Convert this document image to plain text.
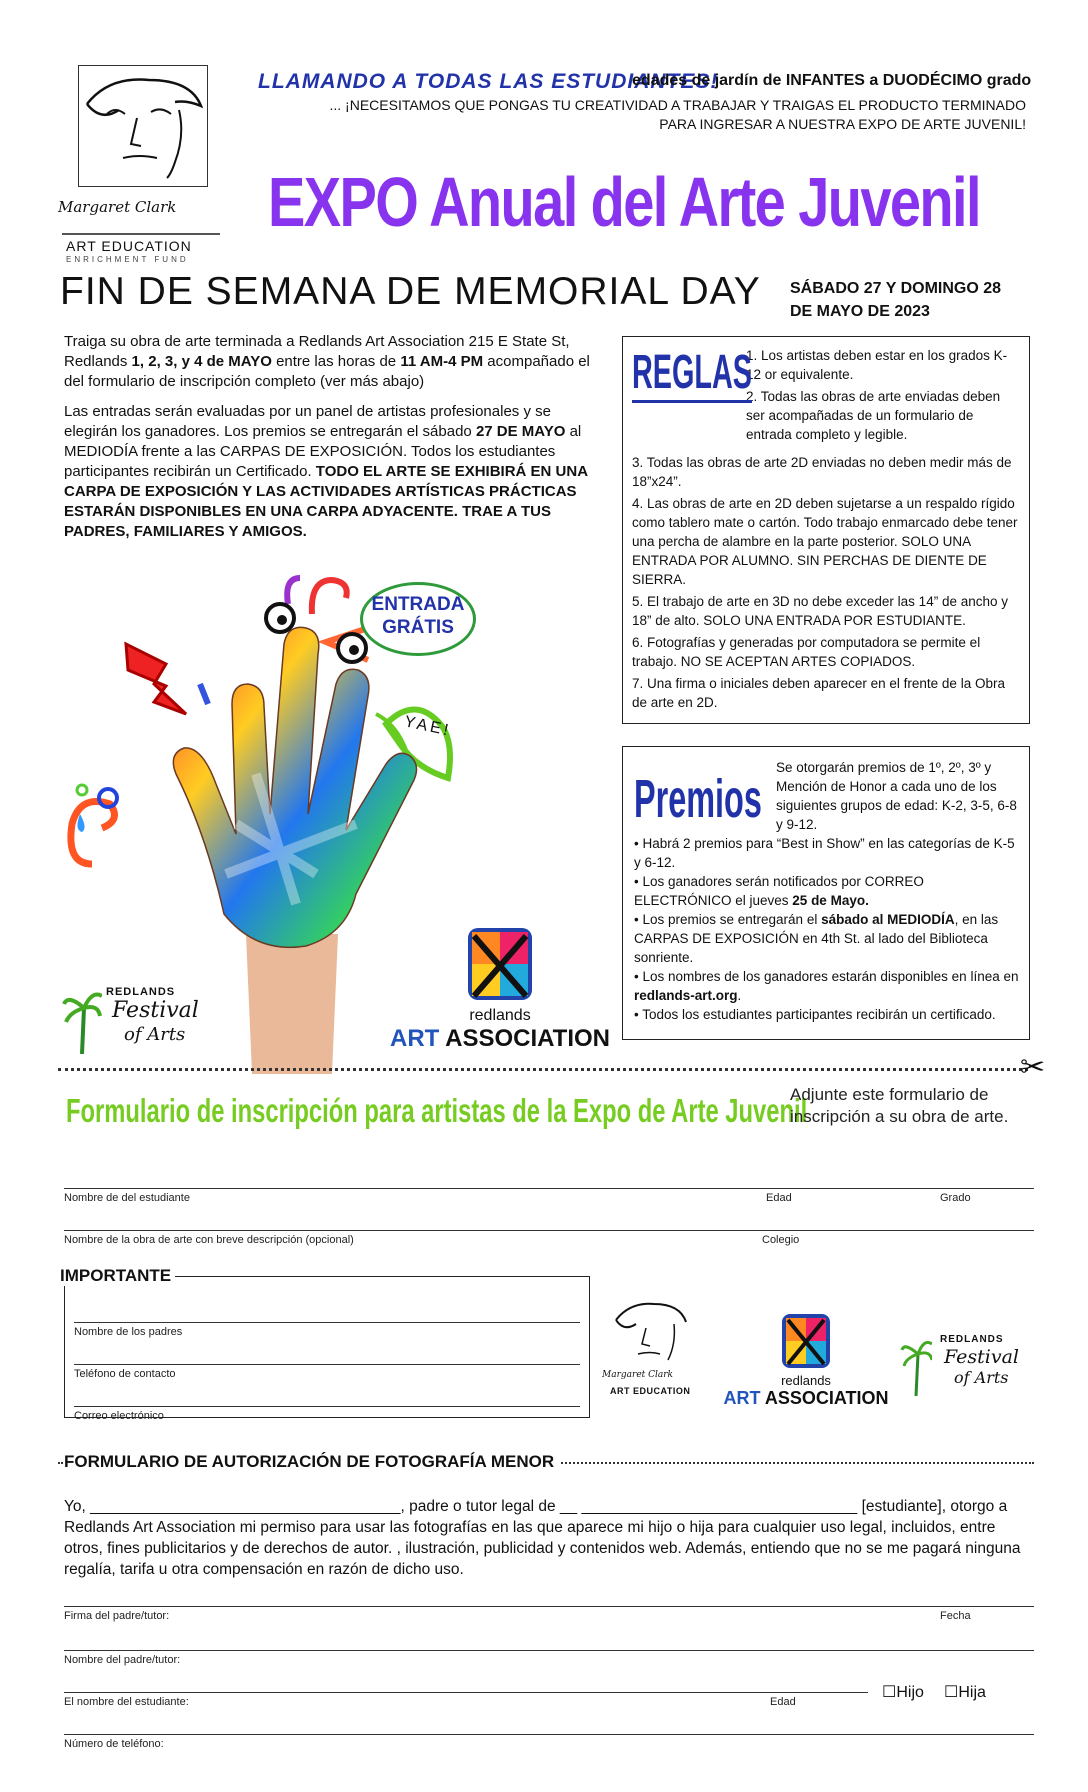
Margaret Clark
ART EDUCATION
ENRICHMENT FUND
LLAMANDO A TODAS LAS ESTUDIANTES!
edades de jardín de INFANTES a DUODÉCIMO grado
... ¡NECESITAMOS QUE PONGAS TU CREATIVIDAD A TRABAJAR Y TRAIGAS EL PRODUCTO TERMINADO
PARA INGRESAR A NUESTRA EXPO DE ARTE JUVENIL!
EXPO Anual del Arte Juvenil
FIN DE SEMANA DE MEMORIAL DAY SÁBADO 27 Y DOMINGO 28
DE MAYO DE 2023

Traiga su obra de arte terminada a Redlands Art Association 215 E State St, Redlands 1, 2, 3, y 4 de MAYO entre las horas de 11 AM-4 PM acompañado el del formulario de inscripción completo (ver más abajo)

Las entradas serán evaluadas por un panel de artistas profesionales y se elegirán los ganadores. Los premios se entregarán el sábado 27 DE MAYO al MEDIODÍA frente a las CARPAS DE EXPOSICIÓN. Todos los estudiantes participantes recibirán un Certificado. TODO EL ARTE SE EXHIBIRÁ EN UNA CARPA DE EXPOSICIÓN Y LAS ACTIVIDADES ARTÍSTICAS PRÁCTICAS ESTARÁN DISPONIBLES EN UNA CARPA ADYACENTE. TRAE A TUS PADRES, FAMILIARES Y AMIGOS.

REGLAS
1. Los artistas deben estar en los grados K-12 or equivalente.
2. Todas las obras de arte enviadas deben ser acompañadas de un formulario de entrada completo y legible.
3. Todas las obras de arte 2D enviadas no deben medir más de 18”x24”.
4. Las obras de arte en 2D deben sujetarse a un respaldo rígido como tablero mate o cartón. Todo trabajo enmarcado debe tener una percha de alambre en la parte posterior. SOLO UNA ENTRADA POR ALUMNO. SIN PERCHAS DE DIENTE DE SIERRA.
5. El trabajo de arte en 3D no debe exceder las 14” de ancho y 18” de alto. SOLO UNA ENTRADA POR ESTUDIANTE.
6. Fotografías y generadas por computadora se permite el trabajo. NO SE ACEPTAN ARTES COPIADOS.
7. Una firma o iniciales deben aparecer en el frente de la Obra de arte en 2D.
Premios
Se otorgarán premios de 1º, 2º, 3º y Mención de Honor a cada uno de los siguientes grupos de edad: K-2, 3-5, 6-8 y 9-12.
• Habrá 2 premios para “Best in Show” en las categorías de K-5 y 6-12.
• Los ganadores serán notificados por CORREO ELECTRÓNICO el jueves 25 de Mayo.
• Los premios se entregarán el sábado al MEDIODÍA, en las CARPAS DE EXPOSICIÓN en 4th St. al lado del Biblioteca sonriente.
• Los nombres de los ganadores estarán disponibles en línea en redlands-art.org.
• Todos los estudiantes participantes recibirán un certificado.
ENTRADA
GRÁTIS
YAE!
REDLANDS
Festival
of Arts
redlands
ART ASSOCIATION
✂
Formulario de inscripción para artistas de la Expo de Arte Juvenil
Adjunte este formulario de inscripción a su obra de arte.
Nombre de del estudiante	Edad	Grado
Nombre de la obra de arte con breve descripción (opcional)	Colegio
IMPORTANTE
Nombre de los padres
Teléfono de contacto
Correo electrónico
Margaret Clark
ART EDUCATION
redlands
ART ASSOCIATION
REDLANDS
Festival
of Arts
FORMULARIO DE AUTORIZACIÓN DE FOTOGRAFÍA MENOR
Yo, ____________________________________, padre o tutor legal de __ ________________________________ [estudiante], otorgo a Redlands Art Association mi permiso para usar las fotografías en las que aparece mi hijo o hija para cualquier uso legal, incluidos, entre otros, fines publicitarios y de derechos de autor. , ilustración, publicidad y contenidos web. Además, entiendo que no se me pagará ninguna regalía, tarifa u otra compensación en razón de dicho uso.
Firma del padre/tutor:	Fecha
Nombre del padre/tutor:
El nombre del estudiante:	Edad
☐Hijo ☐Hija
Número de teléfono:
